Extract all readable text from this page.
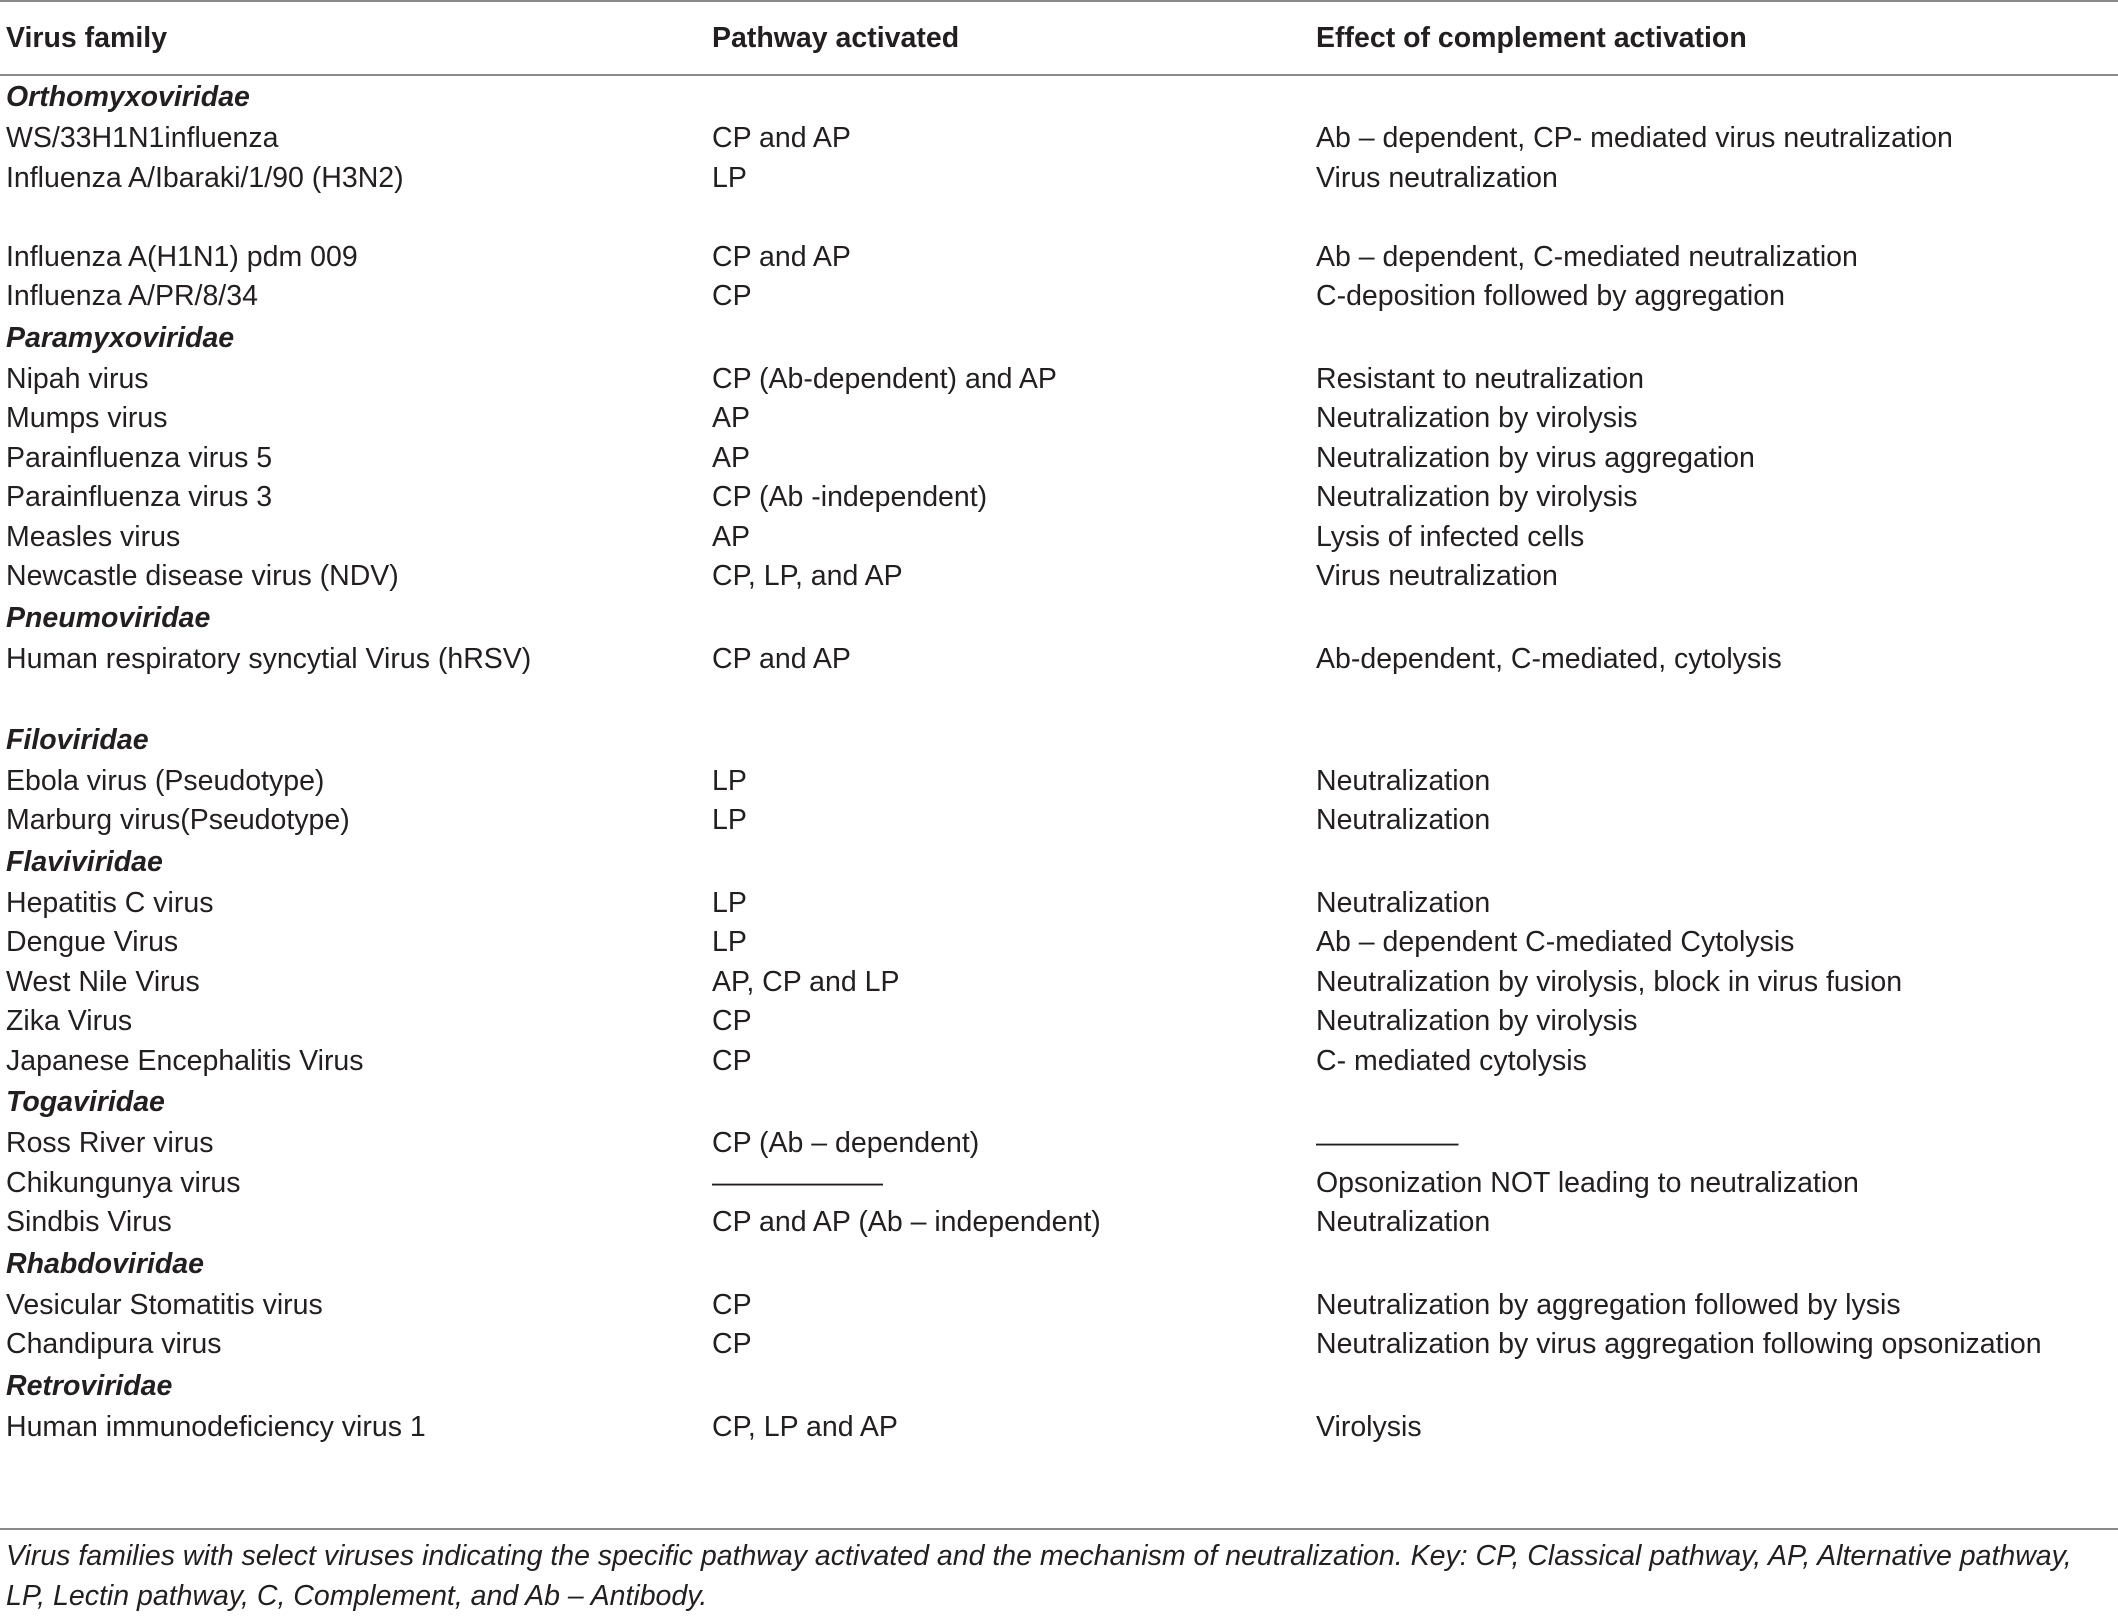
Virus family	Pathway activated	Effect of complement activation
Orthomyxoviridae		
WS/33H1N1influenza	CP and AP	Ab – dependent, CP- mediated virus neutralization
Influenza A/Ibaraki/1/90 (H3N2)	LP	Virus neutralization
Influenza A(H1N1) pdm 009	CP and AP	Ab – dependent, C-mediated neutralization
Influenza A/PR/8/34	CP	C-deposition followed by aggregation
Paramyxoviridae		
Nipah virus	CP (Ab-dependent) and AP	Resistant to neutralization
Mumps virus	AP	Neutralization by virolysis
Parainfluenza virus 5	AP	Neutralization by virus aggregation
Parainfluenza virus 3	CP (Ab -independent)	Neutralization by virolysis
Measles virus	AP	Lysis of infected cells
Newcastle disease virus (NDV)	CP, LP, and AP	Virus neutralization
Pneumoviridae		
Human respiratory syncytial Virus (hRSV)	CP and AP	Ab-dependent, C-mediated, cytolysis
Filoviridae		
Ebola virus (Pseudotype)	LP	Neutralization
Marburg virus(Pseudotype)	LP	Neutralization
Flaviviridae		
Hepatitis C virus	LP	Neutralization
Dengue Virus	LP	Ab – dependent C-mediated Cytolysis
West Nile Virus	AP, CP and LP	Neutralization by virolysis, block in virus fusion
Zika Virus	CP	Neutralization by virolysis
Japanese Encephalitis Virus	CP	C- mediated cytolysis
Togaviridae		
Ross River virus	CP (Ab – dependent)	—————
Chikungunya virus	——————	Opsonization NOT leading to neutralization
Sindbis Virus	CP and AP (Ab – independent)	Neutralization
Rhabdoviridae		
Vesicular Stomatitis virus	CP	Neutralization by aggregation followed by lysis
Chandipura virus	CP	Neutralization by virus aggregation following opsonization
Retroviridae		
Human immunodeficiency virus 1	CP, LP and AP	Virolysis
Virus families with select viruses indicating the specific pathway activated and the mechanism of neutralization. Key: CP, Classical pathway, AP, Alternative pathway, LP, Lectin pathway, C, Complement, and Ab – Antibody.
